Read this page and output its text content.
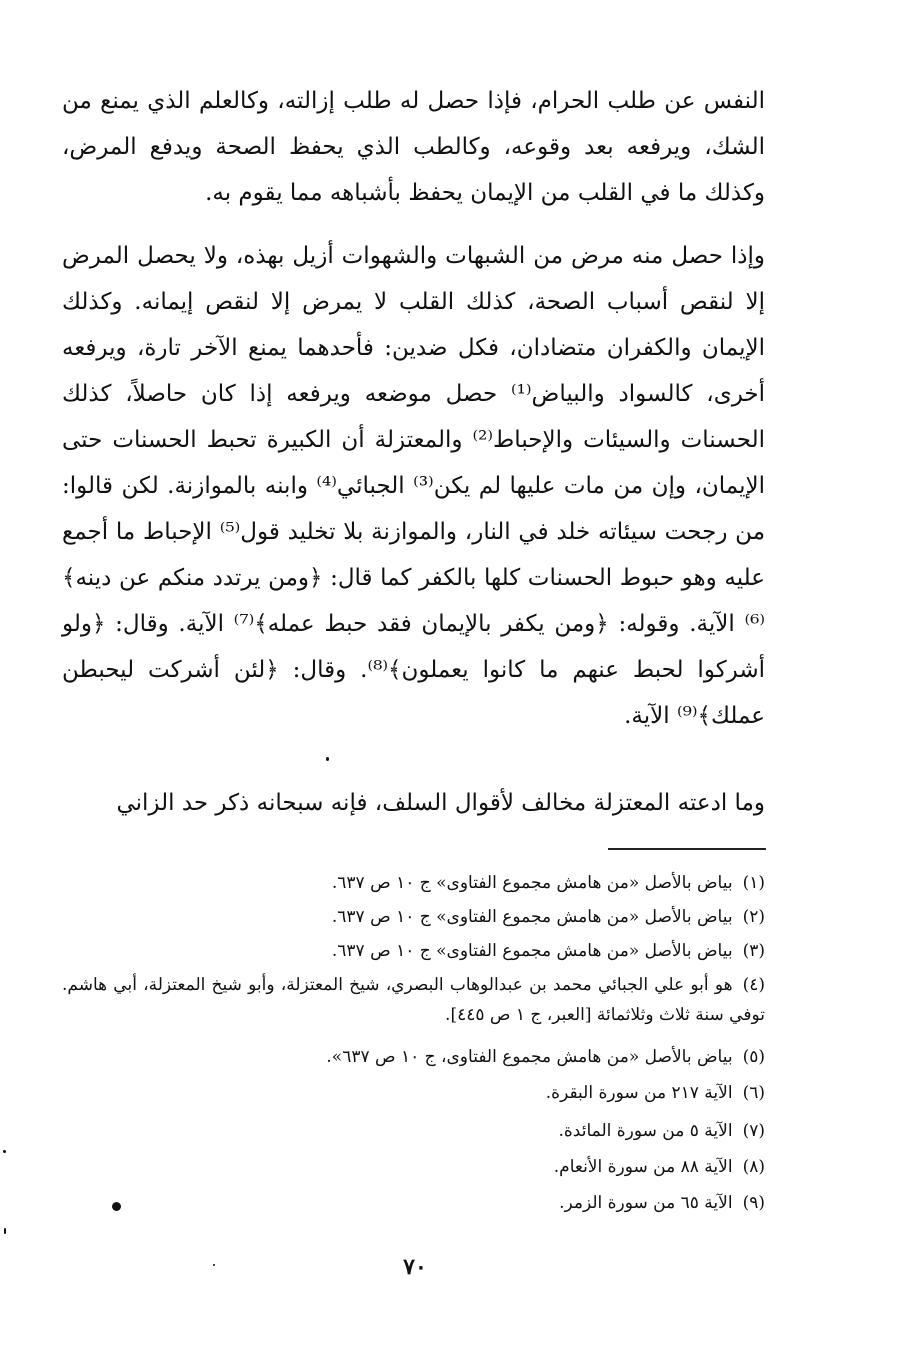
النفس عن طلب الحرام، فإذا حصل له طلب إزالته، وكالعلم الذي يمنع من الشك، ويرفعه بعد وقوعه، وكالطب الذي يحفظ الصحة ويدفع المرض، وكذلك ما في القلب من الإيمان يحفظ بأشباهه مما يقوم به.

وإذا حصل منه مرض من الشبهات والشهوات أزيل بهذه، ولا يحصل المرض إلا لنقص أسباب الصحة، كذلك القلب لا يمرض إلا لنقص إيمانه. وكذلك الإيمان والكفران متضادان، فكل ضدين: فأحدهما يمنع الآخر تارة، ويرفعه أخرى، كالسواد والبياض⁽¹⁾ حصل موضعه ويرفعه إذا كان حاصلاً، كذلك الحسنات والسيئات والإحباط⁽²⁾ والمعتزلة أن الكبيرة تحبط الحسنات حتى الإيمان، وإن من مات عليها لم يكن⁽³⁾ الجبائي⁽⁴⁾ وابنه بالموازنة. لكن قالوا: من رجحت سيئاته خلد في النار، والموازنة بلا تخليد قول⁽⁵⁾ الإحباط ما أجمع عليه وهو حبوط الحسنات كلها بالكفر كما قال: ﴿ومن يرتدد منكم عن دينه﴾⁽⁶⁾ الآية. وقوله: ﴿ومن يكفر بالإيمان فقد حبط عمله﴾⁽⁷⁾ الآية. وقال: ﴿ولو أشركوا لحبط عنهم ما كانوا يعملون﴾⁽⁸⁾. وقال: ﴿لئن أشركت ليحبطن عملك﴾⁽⁹⁾ الآية.

وما ادعته المعتزلة مخالف لأقوال السلف، فإنه سبحانه ذكر حد الزاني

(١)بياض بالأصل «من هامش مجموع الفتاوى» ج ١٠ ص ٦٣٧.

(٢)بياض بالأصل «من هامش مجموع الفتاوى» ج ١٠ ص ٦٣٧.

(٣)بياض بالأصل «من هامش مجموع الفتاوى» ج ١٠ ص ٦٣٧.

(٤)هو أبو علي الجبائي محمد بن عبدالوهاب البصري، شيخ المعتزلة، وأبو شيخ المعتزلة، أبي هاشم. توفي سنة ثلاث وثلاثمائة [العبر، ج ١ ص ٤٤٥].

(٥)بياض بالأصل «من هامش مجموع الفتاوى، ج ١٠ ص ٦٣٧».

(٦)الآية ٢١٧ من سورة البقرة.

(٧)الآية ٥ من سورة المائدة.

(٨)الآية ٨٨ من سورة الأنعام.

(٩)الآية ٦٥ من سورة الزمر.

٧٠
